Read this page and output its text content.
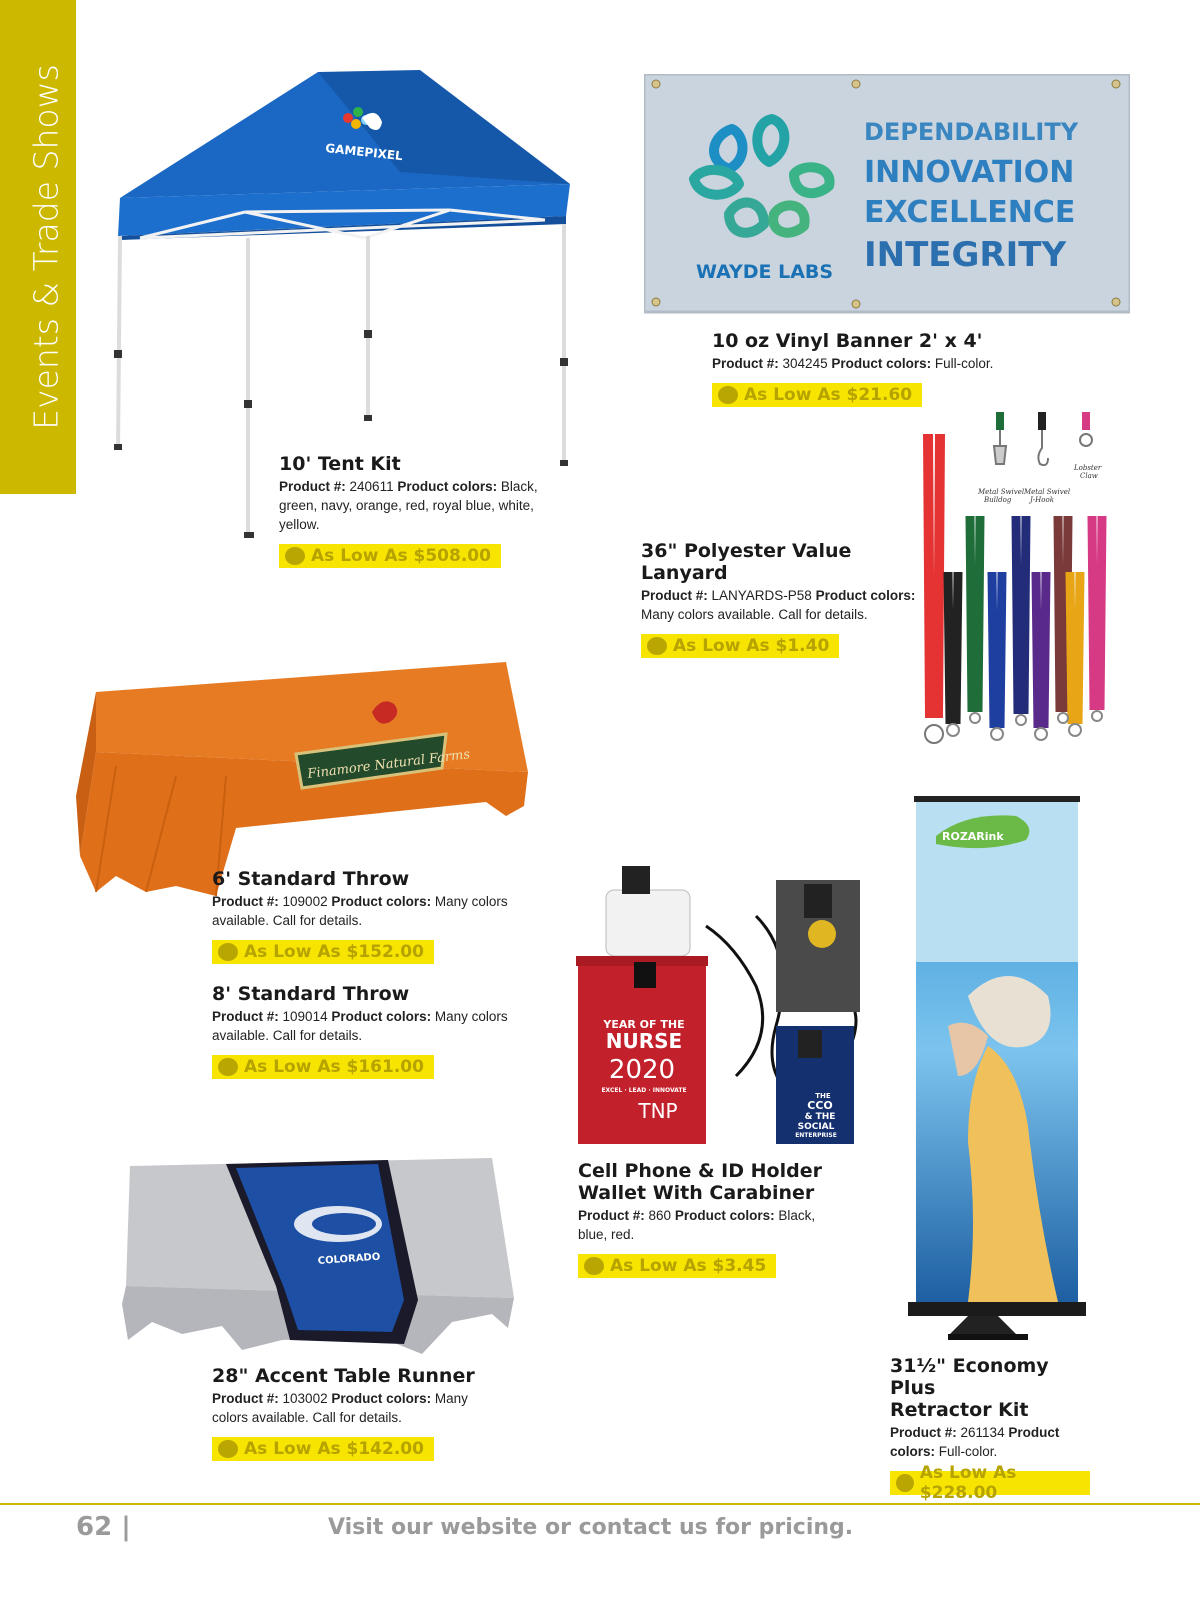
Events & Trade Shows	GAMEPIXEL
WAYDE LABS
DEPENDABILITY
INNOVATION
EXCELLENCE
INTEGRITY
Metal Swivel
Bulldog
Metal Swivel
J-Hook
Lobster
Claw
Finamore Natural Farms
THE
CCO
& THE
SOCIAL
ENTERPRISE
YEAR OF THE
NURSE
2020
EXCEL · LEAD · INNOVATE
TNP
ROZARink
COLORADO
10' Tent Kit
Product #: 240611 Product colors: Black, green, navy, orange, red, royal blue, white, yellow.
As Low As $508.00
10 oz Vinyl Banner 2' x 4'
Product #: 304245 Product colors: Full-color.
As Low As $21.60
36" Polyester Value
Lanyard
Product #: LANYARDS-P58 Product colors: Many colors available. Call for details.
As Low As $1.40
6' Standard Throw
Product #: 109002 Product colors: Many colors available. Call for details.
As Low As $152.00
8' Standard Throw
Product #: 109014 Product colors: Many colors available. Call for details.
As Low As $161.00
Cell Phone & ID Holder
Wallet With Carabiner
Product #: 860 Product colors: Black, blue, red.
As Low As $3.45
28" Accent Table Runner
Product #: 103002 Product colors: Many colors available. Call for details.
As Low As $142.00
31½" Economy Plus
Retractor Kit
Product #: 261134 Product colors: Full-color.
As Low As $228.00
62 |	Visit our website or contact us for pricing.
